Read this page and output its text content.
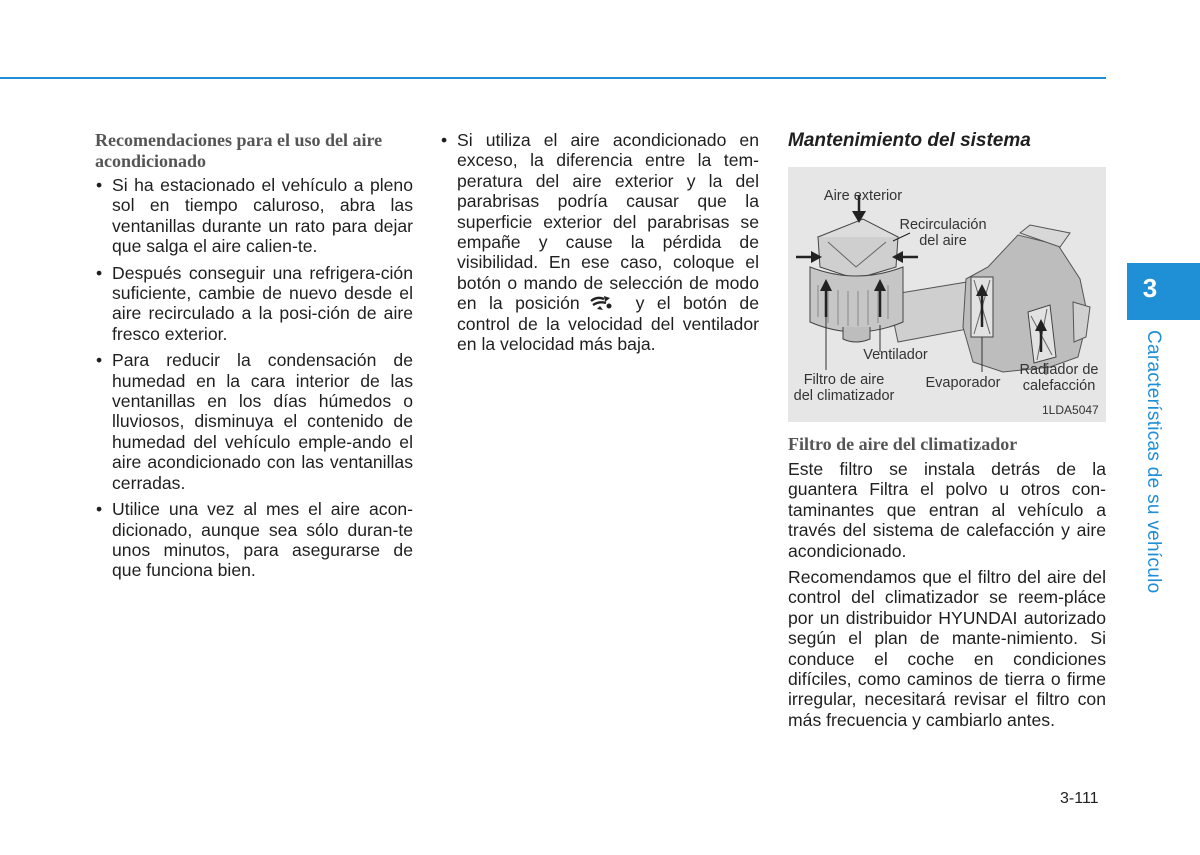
Recomendaciones para el uso del aire acondicionado
• Si ha estacionado el vehículo a pleno sol en tiempo caluroso, abra las ventanillas durante un rato para dejar que salga el aire calien-te.
• Después conseguir una refrigera-ción suficiente, cambie de nuevo desde el aire recirculado a la posi-ción de aire fresco exterior.
• Para reducir la condensación de humedad en la cara interior de las ventanillas en los días húmedos o lluviosos, disminuya el contenido de humedad del vehículo emple-ando el aire acondicionado con las ventanillas cerradas.
• Utilice una vez al mes el aire acon-dicionado, aunque sea sólo duran-te unos minutos, para asegurarse de que funciona bien.
• Si utiliza el aire acondicionado en exceso, la diferencia entre la tem-peratura del aire exterior y la del parabrisas podría causar que la superficie exterior del parabrisas se empañe y cause la pérdida de visibilidad. En ese caso, coloque el botón o mando de selección de modo en la posición	y el botón de control de la velocidad del ventilador en la velocidad más baja.
Mantenimiento del sistema
Aire exterior
Recirculación
del aire
Ventilador
Filtro de aire
del climatizador
Evaporador
Radiador de
calefacción
1LDA5047
Filtro de aire del climatizador

Este filtro se instala detrás de la guantera Filtra el polvo u otros con-taminantes que entran al vehículo a través del sistema de calefacción y aire acondicionado.

Recomendamos que el filtro del aire del control del climatizador se reem-pláce por un distribuidor HYUNDAI autorizado según el plan de mante-nimiento. Si conduce el coche en condiciones difíciles, como caminos de tierra o firme irregular, necesitará revisar el filtro con más frecuencia y cambiarlo antes.

3
Características de su vehículo
3-111
